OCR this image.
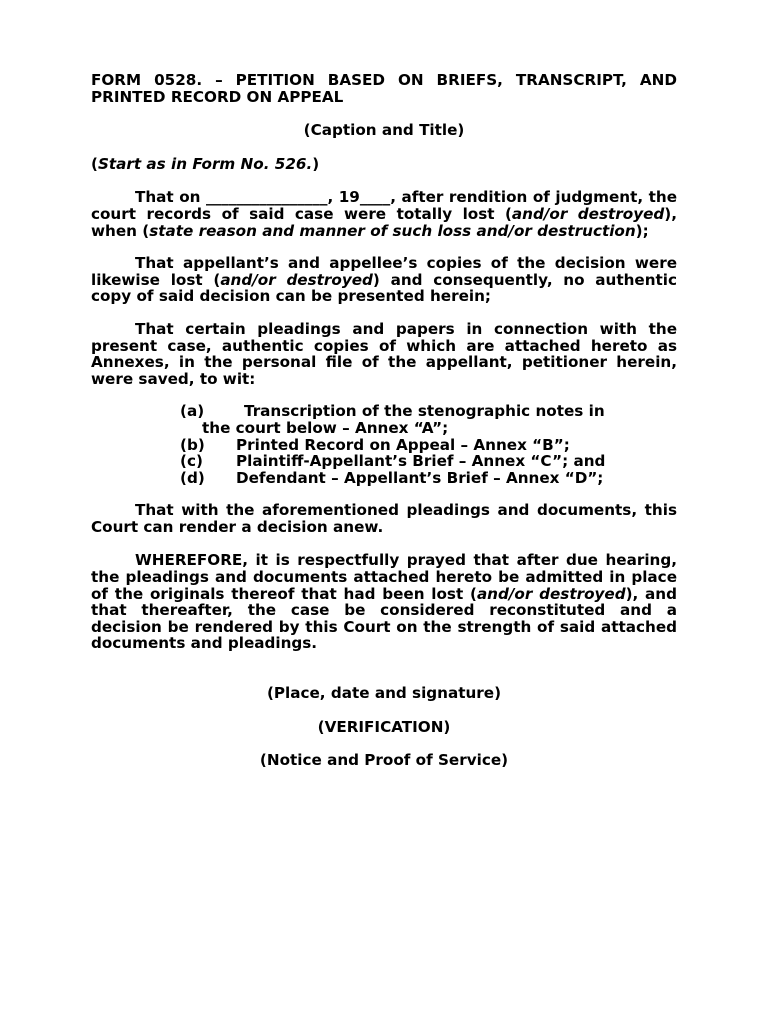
FORM 0528. – PETITION BASED ON BRIEFS, TRANSCRIPT, AND PRINTED RECORD ON APPEAL
(Caption and Title)
(Start as in Form No. 526.)
That on ________________, 19____, after rendition of judgment, the court records of said case were totally lost (and/or destroyed), when (state reason and manner of such loss and/or destruction);
That appellant’s and appellee’s copies of the decision were likewise lost (and/or destroyed) and consequently, no authentic copy of said decision can be presented herein;
That certain pleadings and papers in connection with the present case, authentic copies of which are attached hereto as Annexes, in the personal file of the appellant, petitioner herein, were saved, to wit:
(a)	Transcription of the stenographic notes in
the court below – Annex “A”;
(b)	Printed Record on Appeal – Annex “B”;
(c)	Plaintiff-Appellant’s Brief – Annex “C”; and
(d)	Defendant – Appellant’s Brief – Annex “D”;
That with the aforementioned pleadings and documents, this Court can render a decision anew.
WHEREFORE, it is respectfully prayed that after due hearing, the pleadings and documents attached hereto be admitted in place of the originals thereof that had been lost (and/or destroyed), and that thereafter, the case be considered reconstituted and a decision be rendered by this Court on the strength of said attached documents and pleadings.
(Place, date and signature)
(VERIFICATION)
(Notice and Proof of Service)
